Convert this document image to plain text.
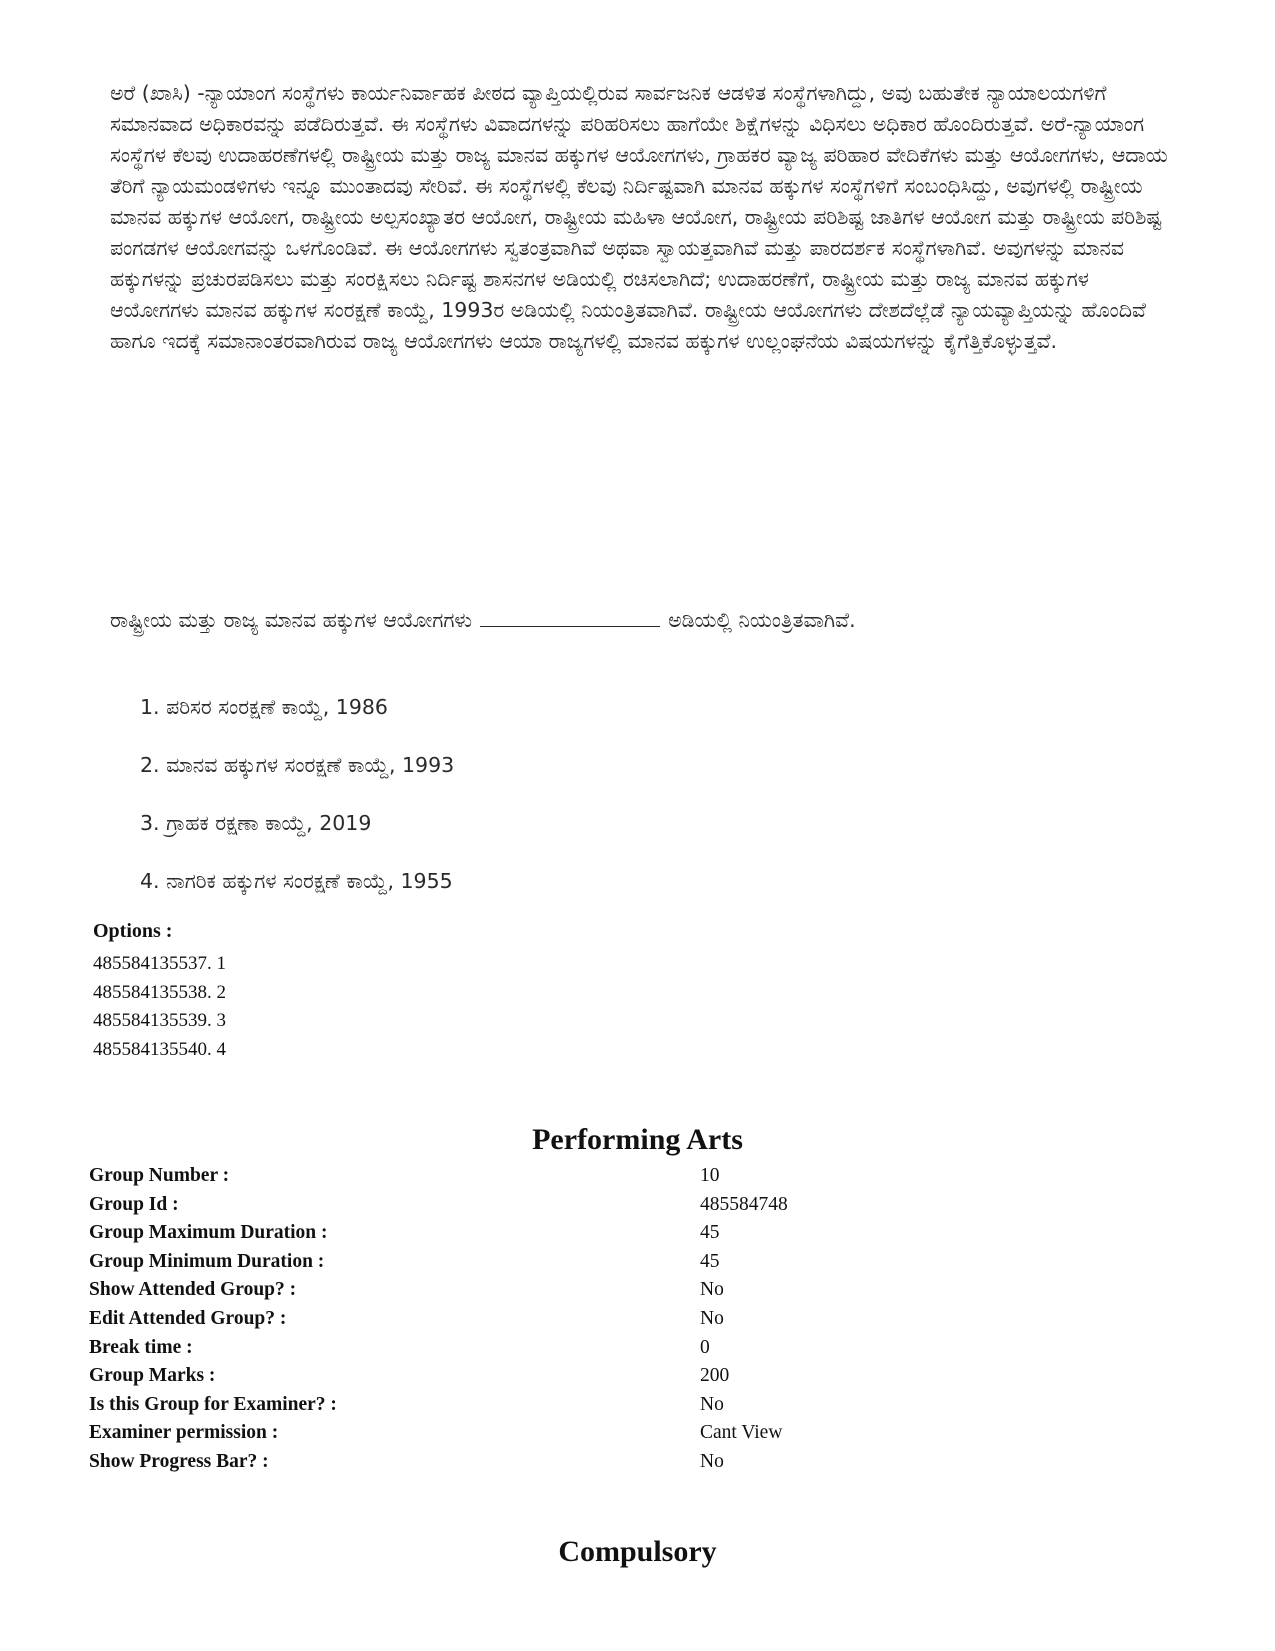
ಅರೆ (ಖಾಸಿ) -ನ್ಯಾಯಾಂಗ ಸಂಸ್ಥೆಗಳು ಕಾರ್ಯನಿರ್ವಾಹಕ ಪೀಠದ ವ್ಯಾಪ್ತಿಯಲ್ಲಿರುವ ಸಾರ್ವಜನಿಕ ಆಡಳಿತ ಸಂಸ್ಥೆಗಳಾಗಿದ್ದು, ಅವು ಬಹುತೇಕ ನ್ಯಾಯಾಲಯಗಳಿಗೆ ಸಮಾನವಾದ ಅಧಿಕಾರವನ್ನು ಪಡೆದಿರುತ್ತವೆ. ಈ ಸಂಸ್ಥೆಗಳು ವಿವಾದಗಳನ್ನು ಪರಿಹರಿಸಲು ಹಾಗೆಯೇ ಶಿಕ್ಷೆಗಳನ್ನು ವಿಧಿಸಲು ಅಧಿಕಾರ ಹೊಂದಿರುತ್ತವೆ. ಅರೆ-ನ್ಯಾಯಾಂಗ ಸಂಸ್ಥೆಗಳ ಕೆಲವು ಉದಾಹರಣೆಗಳಲ್ಲಿ ರಾಷ್ಟ್ರೀಯ ಮತ್ತು ರಾಜ್ಯ ಮಾನವ ಹಕ್ಕುಗಳ ಆಯೋಗಗಳು, ಗ್ರಾಹಕರ ವ್ಯಾಜ್ಯ ಪರಿಹಾರ ವೇದಿಕೆಗಳು ಮತ್ತು ಆಯೋಗಗಳು, ಆದಾಯ ತೆರಿಗೆ ನ್ಯಾಯಮಂಡಳಿಗಳು ಇನ್ನೂ ಮುಂತಾದವು ಸೇರಿವೆ. ಈ ಸಂಸ್ಥೆಗಳಲ್ಲಿ ಕೆಲವು ನಿರ್ದಿಷ್ಟವಾಗಿ ಮಾನವ ಹಕ್ಕುಗಳ ಸಂಸ್ಥೆಗಳಿಗೆ ಸಂಬಂಧಿಸಿದ್ದು, ಅವುಗಳಲ್ಲಿ ರಾಷ್ಟ್ರೀಯ ಮಾನವ ಹಕ್ಕುಗಳ ಆಯೋಗ, ರಾಷ್ಟ್ರೀಯ ಅಲ್ಪಸಂಖ್ಯಾತರ ಆಯೋಗ, ರಾಷ್ಟ್ರೀಯ ಮಹಿಳಾ ಆಯೋಗ, ರಾಷ್ಟ್ರೀಯ ಪರಿಶಿಷ್ಟ ಜಾತಿಗಳ ಆಯೋಗ ಮತ್ತು ರಾಷ್ಟ್ರೀಯ ಪರಿಶಿಷ್ಟ ಪಂಗಡಗಳ ಆಯೋಗವನ್ನು ಒಳಗೊಂಡಿವೆ. ಈ ಆಯೋಗಗಳು ಸ್ವತಂತ್ರವಾಗಿವೆ ಅಥವಾ ಸ್ವಾಯತ್ತವಾಗಿವೆ ಮತ್ತು ಪಾರದರ್ಶಕ ಸಂಸ್ಥೆಗಳಾಗಿವೆ. ಅವುಗಳನ್ನು ಮಾನವ ಹಕ್ಕುಗಳನ್ನು ಪ್ರಚುರಪಡಿಸಲು ಮತ್ತು ಸಂರಕ್ಷಿಸಲು ನಿರ್ದಿಷ್ಟ ಶಾಸನಗಳ ಅಡಿಯಲ್ಲಿ ರಚಿಸಲಾಗಿದೆ; ಉದಾಹರಣೆಗೆ, ರಾಷ್ಟ್ರೀಯ ಮತ್ತು ರಾಜ್ಯ ಮಾನವ ಹಕ್ಕುಗಳ ಆಯೋಗಗಳು ಮಾನವ ಹಕ್ಕುಗಳ ಸಂರಕ್ಷಣೆ ಕಾಯ್ದೆ, 1993ರ ಅಡಿಯಲ್ಲಿ ನಿಯಂತ್ರಿತವಾಗಿವೆ. ರಾಷ್ಟ್ರೀಯ ಆಯೋಗಗಳು ದೇಶದೆಲ್ಲೆಡೆ ನ್ಯಾಯವ್ಯಾಪ್ತಿಯನ್ನು ಹೊಂದಿವೆ ಹಾಗೂ ಇದಕ್ಕೆ ಸಮಾನಾಂತರವಾಗಿರುವ ರಾಜ್ಯ ಆಯೋಗಗಳು ಆಯಾ ರಾಜ್ಯಗಳಲ್ಲಿ ಮಾನವ ಹಕ್ಕುಗಳ ಉಲ್ಲಂಘನೆಯ ವಿಷಯಗಳನ್ನು ಕೈಗೆತ್ತಿಕೊಳ್ಳುತ್ತವೆ.

ರಾಷ್ಟ್ರೀಯ ಮತ್ತು ರಾಜ್ಯ ಮಾನವ ಹಕ್ಕುಗಳ ಆಯೋಗಗಳು	ಅಡಿಯಲ್ಲಿ ನಿಯಂತ್ರಿತವಾಗಿವೆ.

1. ಪರಿಸರ ಸಂರಕ್ಷಣೆ ಕಾಯ್ದೆ, 1986
2. ಮಾನವ ಹಕ್ಕುಗಳ ಸಂರಕ್ಷಣೆ ಕಾಯ್ದೆ, 1993
3. ಗ್ರಾಹಕ ರಕ್ಷಣಾ ಕಾಯ್ದೆ, 2019
4. ನಾಗರಿಕ ಹಕ್ಕುಗಳ ಸಂರಕ್ಷಣೆ ಕಾಯ್ದೆ, 1955
Options :
485584135537. 1
485584135538. 2
485584135539. 3
485584135540. 4
Performing Arts
Group Number :	10
Group Id :	485584748
Group Maximum Duration :	45
Group Minimum Duration :	45
Show Attended Group? :	No
Edit Attended Group? :	No
Break time :	0
Group Marks :	200
Is this Group for Examiner? :	No
Examiner permission :	Cant View
Show Progress Bar? :	No
Compulsory
